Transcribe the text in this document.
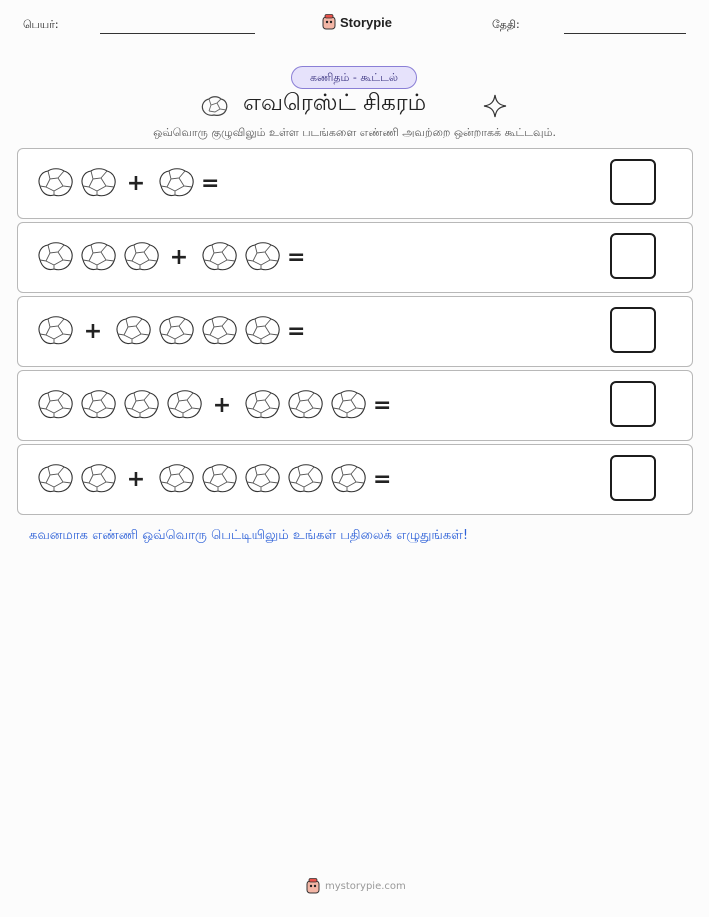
பெயர்:	Storypie	தேதி:
கணிதம் - கூட்டல்
எவரெஸ்ட் சிகரம்
ஒவ்வொரு குழுவிலும் உள்ள படங்களை எண்ணி அவற்றை ஒன்றாகக் கூட்டவும்.
+	=
+	=
+	=
+	=
+	=
கவனமாக எண்ணி ஒவ்வொரு பெட்டியிலும் உங்கள் பதிலைக் எழுதுங்கள்!
mystorypie.com
